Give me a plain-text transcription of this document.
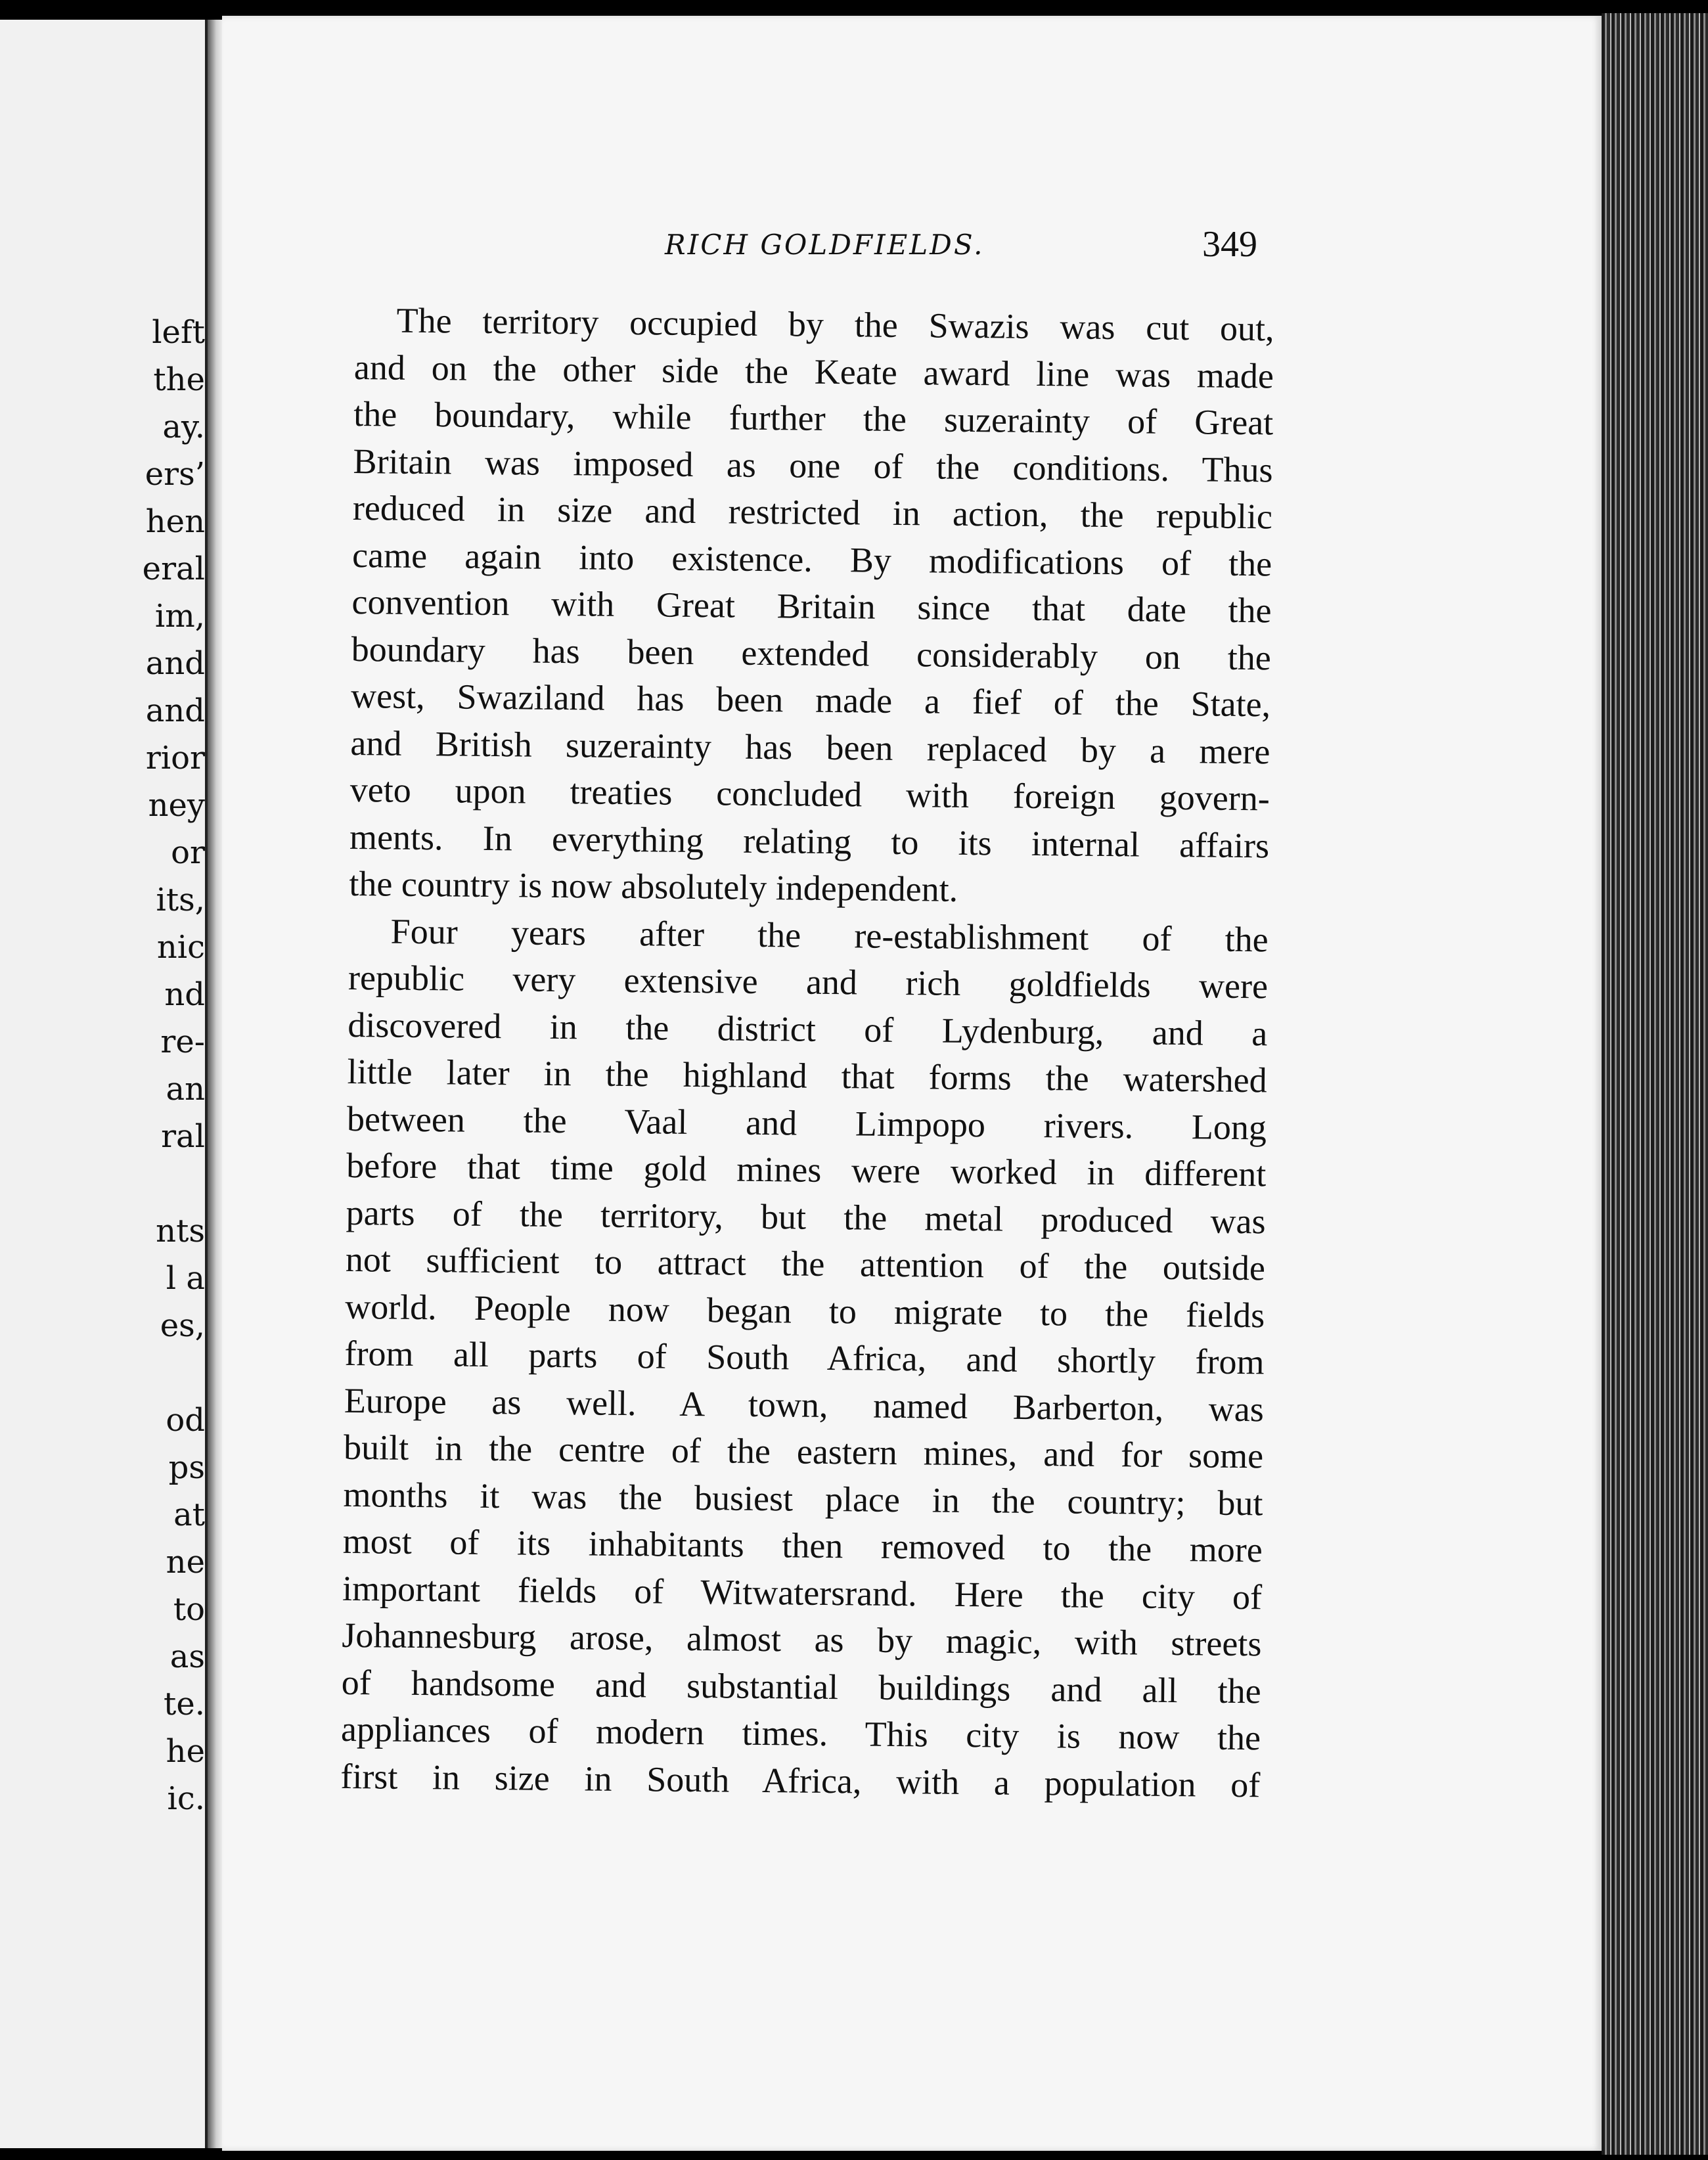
left
the
ay.
ers’
hen
eral
im,
and
and
rior
ney
or
its,
nic
nd
re-
an
ral
nts
l a
es,
od
ps
at
ne
to
as
te.
he
ic.
RICH GOLDFIELDS.	349
The territory occupied by the Swazis was cut out,
and on the other side the Keate award line was made
the boundary, while further the suzerainty of Great
Britain was imposed as one of the conditions. Thus
reduced in size and restricted in action, the republic
came again into existence. By modifications of the
convention with Great Britain since that date the
boundary has been extended considerably on the
west, Swaziland has been made a fief of the State,
and British suzerainty has been replaced by a mere
veto upon treaties concluded with foreign govern-
ments. In everything relating to its internal affairs
the country is now absolutely independent.
Four years after the re-establishment of the
republic very extensive and rich goldfields were
discovered in the district of Lydenburg, and a
little later in the highland that forms the watershed
between the Vaal and Limpopo rivers. Long
before that time gold mines were worked in different
parts of the territory, but the metal produced was
not sufficient to attract the attention of the outside
world. People now began to migrate to the fields
from all parts of South Africa, and shortly from
Europe as well. A town, named Barberton, was
built in the centre of the eastern mines, and for some
months it was the busiest place in the country; but
most of its inhabitants then removed to the more
important fields of Witwatersrand. Here the city of
Johannesburg arose, almost as by magic, with streets
of handsome and substantial buildings and all the
appliances of modern times. This city is now the
first in size in South Africa, with a population of
